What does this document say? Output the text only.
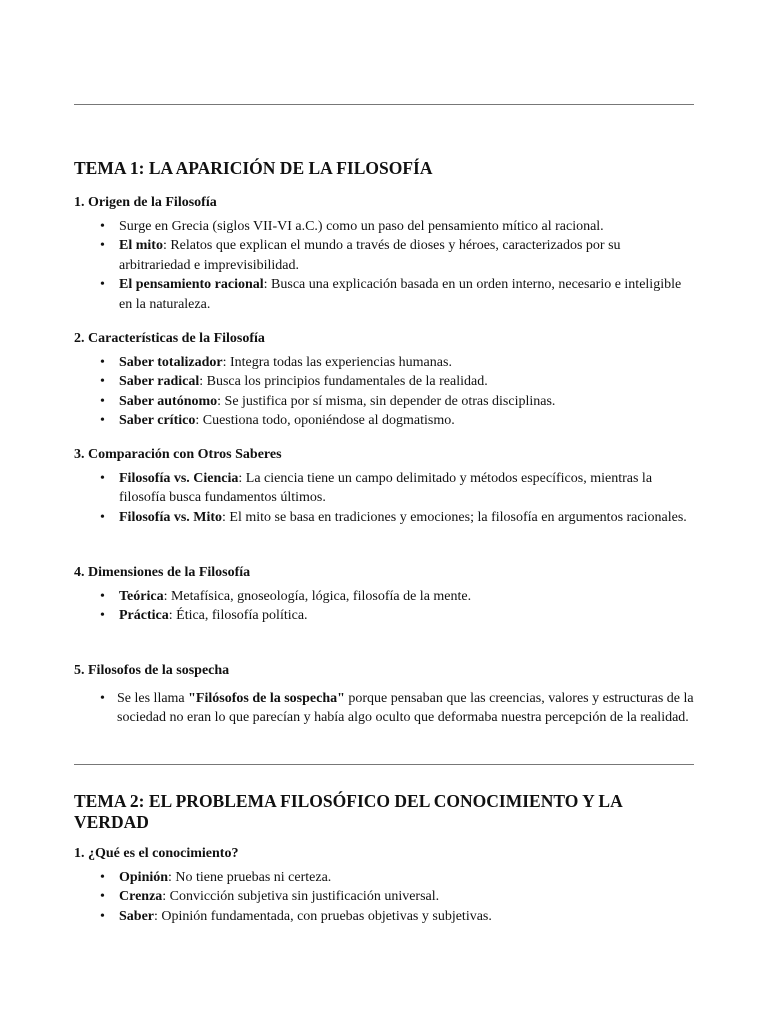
TEMA 1: LA APARICIÓN DE LA FILOSOFÍA
1. Origen de la Filosofía
• Surge en Grecia (siglos VII-VI a.C.) como un paso del pensamiento mítico al racional.
• El mito: Relatos que explican el mundo a través de dioses y héroes, caracterizados por su arbitrariedad e imprevisibilidad.
• El pensamiento racional: Busca una explicación basada en un orden interno, necesario e inteligible en la naturaleza.
2. Características de la Filosofía
• Saber totalizador: Integra todas las experiencias humanas.
• Saber radical: Busca los principios fundamentales de la realidad.
• Saber autónomo: Se justifica por sí misma, sin depender de otras disciplinas.
• Saber crítico: Cuestiona todo, oponiéndose al dogmatismo.
3. Comparación con Otros Saberes
• Filosofía vs. Ciencia: La ciencia tiene un campo delimitado y métodos específicos, mientras la filosofía busca fundamentos últimos.
• Filosofía vs. Mito: El mito se basa en tradiciones y emociones; la filosofía en argumentos racionales.
4. Dimensiones de la Filosofía
• Teórica: Metafísica, gnoseología, lógica, filosofía de la mente.
• Práctica: Ética, filosofía política.
5. Filosofos de la sospecha
• Se les llama "Filósofos de la sospecha" porque pensaban que las creencias, valores y estructuras de la sociedad no eran lo que parecían y había algo oculto que deformaba nuestra percepción de la realidad.
TEMA 2: EL PROBLEMA FILOSÓFICO DEL CONOCIMIENTO Y LA VERDAD
1. ¿Qué es el conocimiento?
• Opinión: No tiene pruebas ni certeza.
• Crenza: Convicción subjetiva sin justificación universal.
• Saber: Opinión fundamentada, con pruebas objetivas y subjetivas.
